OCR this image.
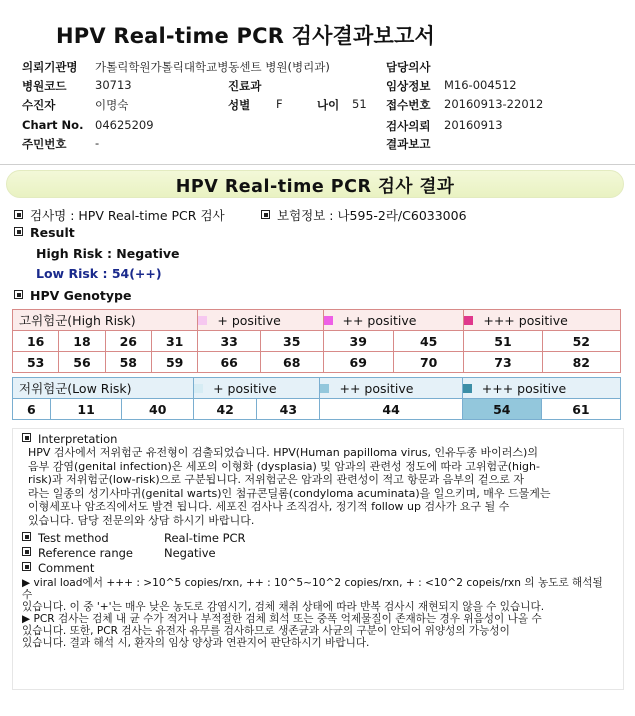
HPV Real-time PCR 검사결과보고서
의뢰기관명 가톨릭학원가톨릭대학교병동센트 병원(병리과)	담당의사
병원코드 30713	진료과	임상정보 M16-004512
수진자	이명숙	성별 F	나이 51 접수번호 20160913-22012
Chart No. 04625209	검사의뢰 20160913
주민번호 -	결과보고
HPV Real-time PCR 검사 결과
검사명 : HPV Real-time PCR 검사	보험정보 : 나595-2라/C6033006
Result
High Risk : Negative
Low Risk : 54(++)
HPV Genotype
고위험군(High Risk)				+ positive		++ positive		+++ positive	
16	18	26	31	33	35	39	45	51	52
53	56	58	59	66	68	69	70	73	82
저위험군(Low Risk)			+ positive		++ positive	+++ positive	
6	11	40	42	43	44	54	61
Interpretation
HPV 검사에서 저위험군 유전형이 검출되었습니다. HPV(Human papilloma virus, 인유두종 바이러스)의
음부 감염(genital infection)은 세포의 이형화 (dysplasia) 및 암과의 관련성 정도에 따라 고위험군(high-
risk)과 저위험군(low-risk)으로 구분됩니다. 저위험군은 암과의 관련성이 적고 항문과 음부의 겉으로 자
라는 일종의 성기사마귀(genital warts)인 첨규콘딜롬(condyloma acuminata)을 일으키며, 매우 드물게는
이형세포나 암조직에서도 발견 됩니다. 세포진 검사나 조직검사, 정기적 follow up 검사가 요구 될 수
있습니다. 담당 전문의와 상담 하시기 바랍니다.
Test method	Real-time PCR
Reference range	Negative
Comment
▶ viral load에서 +++ : >10^5 copies/rxn, ++ : 10^5~10^2 copies/rxn, + : <10^2 copeis/rxn 의 농도로 해석될 수
있습니다. 이 중 '+'는 매우 낮은 농도로 감염시기, 검체 채취 상태에 따라 반복 검사시 재현되지 않을 수 있습니다.
▶ PCR 검사는 검체 내 균 수가 적거나 부적절한 검체 희석 또는 중폭 억제물질이 존재하는 경우 위음성이 나올 수
있습니다. 또한, PCR 검사는 유전자 유무를 검사하므로 생존균과 사균의 구분이 안되어 위양성의 가능성이
있습니다. 결과 해석 시, 환자의 임상 양상과 연관지어 판단하시기 바랍니다.
